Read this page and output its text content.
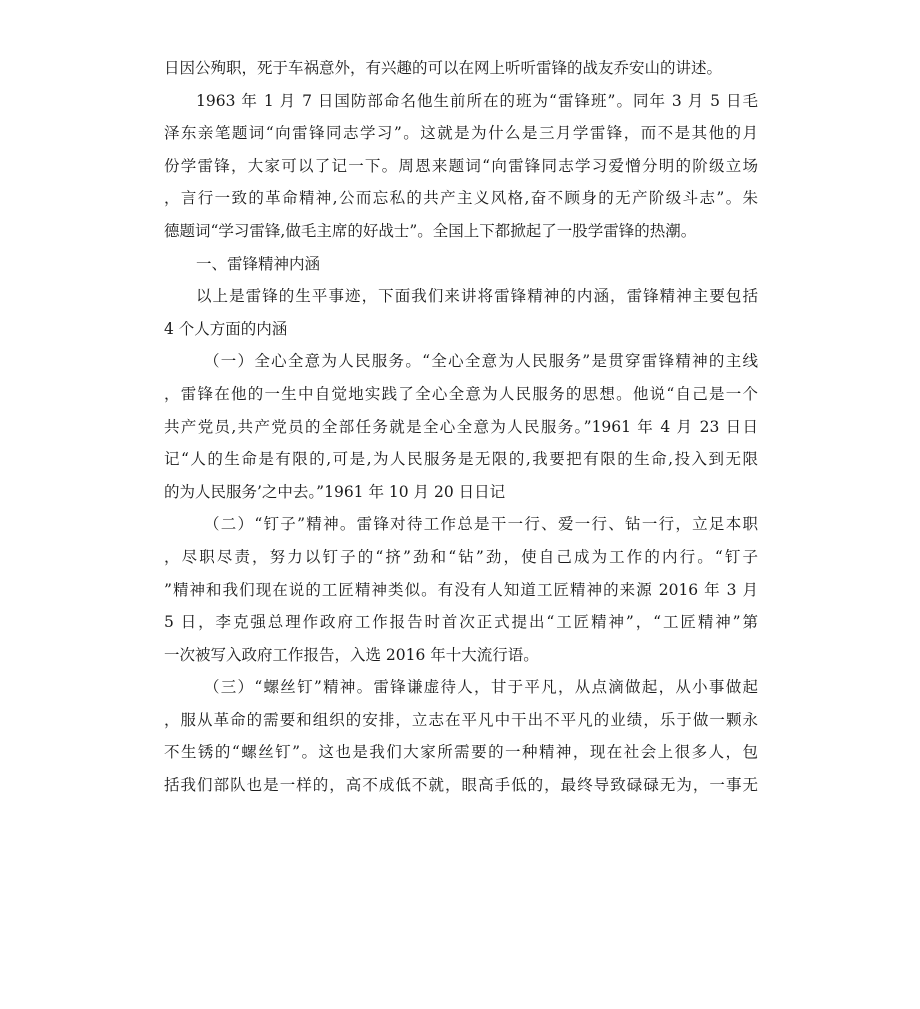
日因公殉职，死于车祸意外，有兴趣的可以在网上听听雷锋的战友乔安山的讲述。
1963 年 1 月 7 日国防部命名他生前所在的班为“雷锋班”。同年 3 月 5 日毛
泽东亲笔题词“向雷锋同志学习”。这就是为什么是三月学雷锋，而不是其他的月
份学雷锋，大家可以了记一下。周恩来题词“向雷锋同志学习爱憎分明的阶级立场
，言行一致的革命精神,公而忘私的共产主义风格,奋不顾身的无产阶级斗志”。朱
德题词“学习雷锋,做毛主席的好战士”。全国上下都掀起了一股学雷锋的热潮。
一、雷锋精神内涵
以上是雷锋的生平事迹，下面我们来讲将雷锋精神的内涵，雷锋精神主要包括
4 个人方面的内涵
（一）全心全意为人民服务。“全心全意为人民服务”是贯穿雷锋精神的主线
，雷锋在他的一生中自觉地实践了全心全意为人民服务的思想。他说“自己是一个
共产党员,共产党员的全部任务就是全心全意为人民服务。”1961 年 4 月 23 日日
记“人的生命是有限的,可是,为人民服务是无限的,我要把有限的生命,投入到无限
的为人民服务’之中去。”1961 年 10 月 20 日日记
（二）“钉子”精神。雷锋对待工作总是干一行、爱一行、钻一行，立足本职
，尽职尽责，努力以钉子的“挤”劲和“钻”劲，使自己成为工作的内行。“钉子
”精神和我们现在说的工匠精神类似。有没有人知道工匠精神的来源 2016 年 3 月
5 日，李克强总理作政府工作报告时首次正式提出“工匠精神”，“工匠精神”第
一次被写入政府工作报告，入选 2016 年十大流行语。
（三）“螺丝钉”精神。雷锋谦虚待人，甘于平凡，从点滴做起，从小事做起
，服从革命的需要和组织的安排，立志在平凡中干出不平凡的业绩，乐于做一颗永
不生锈的“螺丝钉”。这也是我们大家所需要的一种精神，现在社会上很多人，包
括我们部队也是一样的，高不成低不就，眼高手低的，最终导致碌碌无为，一事无
